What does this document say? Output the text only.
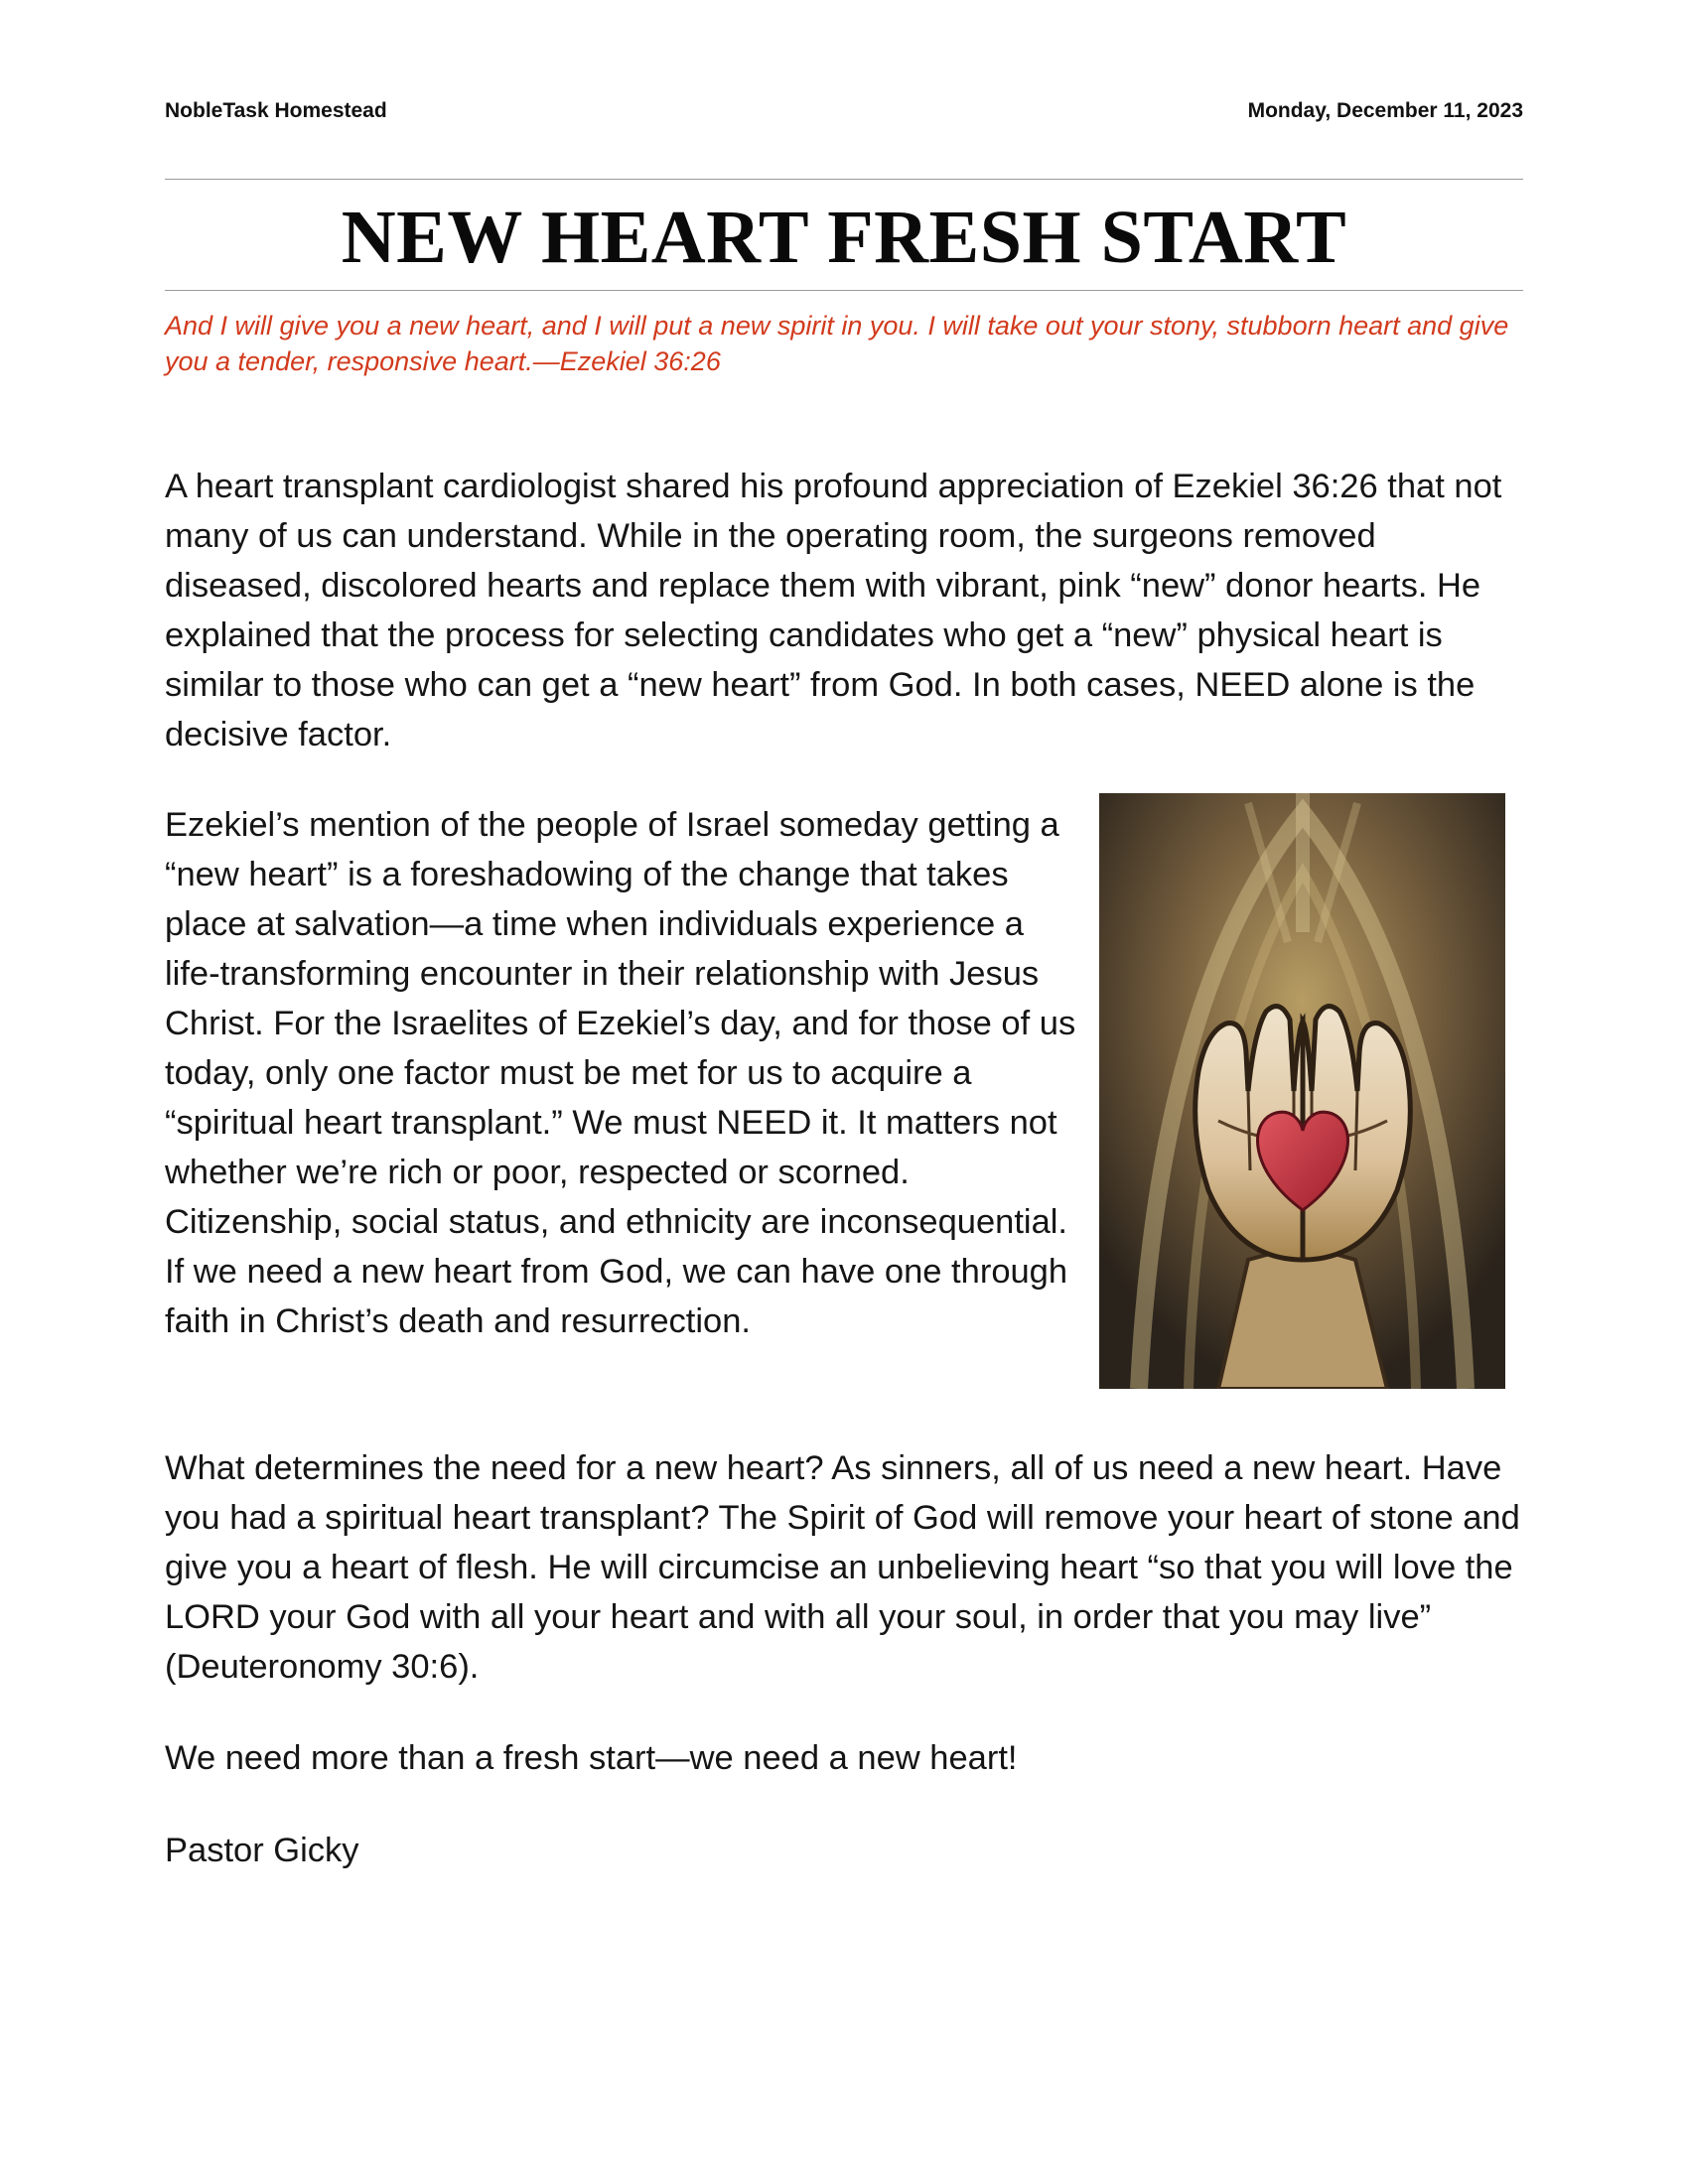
NobleTask Homestead	Monday, December 11, 2023
NEW HEART FRESH START

And I will give you a new heart, and I will put a new spirit in you. I will take out your stony, stubborn heart and give you a tender, responsive heart.—Ezekiel 36:26

A heart transplant cardiologist shared his profound appreciation of Ezekiel 36:26 that not many of us can understand. While in the operating room, the surgeons removed diseased, discolored hearts and replace them with vibrant, pink “new” donor hearts. He explained that the process for selecting candidates who get a “new” physical heart is similar to those who can get a “new heart” from God. In both cases, NEED alone is the decisive factor.

Ezekiel’s mention of the people of Israel someday getting a “new heart” is a foreshadowing of the change that takes place at salvation—a time when individuals experience a life-transforming encounter in their relationship with Jesus Christ. For the Israelites of Ezekiel’s day, and for those of us today, only one factor must be met for us to acquire a “spiritual heart transplant.” We must NEED it. It matters not whether we’re rich or poor, respected or scorned. Citizenship, social status, and ethnicity are inconsequential. If we need a new heart from God, we can have one through faith in Christ’s death and resurrection.

What determines the need for a new heart? As sinners, all of us need a new heart. Have you had a spiritual heart transplant? The Spirit of God will remove your heart of stone and give you a heart of flesh. He will circumcise an unbelieving heart “so that you will love the LORD your God with all your heart and with all your soul, in order that you may live” (Deuteronomy 30:6).

We need more than a fresh start—we need a new heart!

Pastor Gicky
